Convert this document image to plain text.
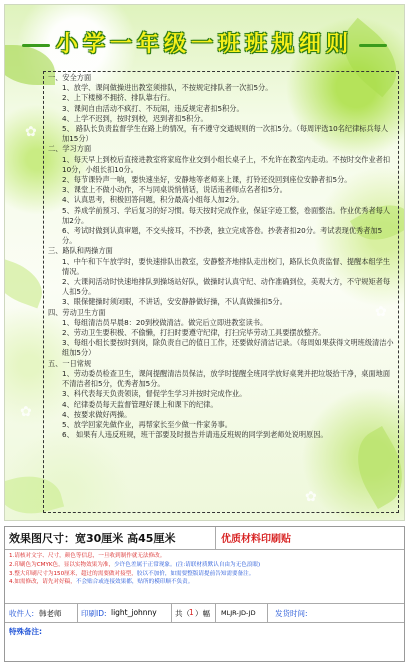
✿
✿
✿
✿
小学一年级一班班规细则

一、安全方面

1、放学、课间做操进出教室须排队，不按规定排队者一次扣5分。

2、上下楼梯不拥挤、排队靠右行。

3、课间自由活动不疯打、不玩闹，违反规定者扣5积分。

4、上学不迟到，按时到校，迟到者扣5积分。

5、 路队长负责监督学生在路上的情况，有不遵守交通规则的一次扣5分。（每周评选10名纪律标兵每人加15分）

二、学习方面

1、每天早上到校后直接进教室将家庭作业交到小组长桌子上，不允许在教室内走动。不按时交作业者扣10分，小组长扣10分。

2、每节课铃声一响，要快速坐好，安静地等老师来上课，打铃还没回到座位安静者扣5分。

3、课堂上不做小动作，不与同桌说悄悄话，说话违者师点名者扣5分。

4、认真思考，积极回答问题，积分最高小组每人加2分。

5、养成学前预习、学后复习的好习惯。每天按时完成作业，保证字迹工整，卷面整洁。作业优秀者每人加2分。

6、考试时做到认真审题，不交头接耳，不抄袭，独立完成答卷。抄袭者扣20分。考试表现优秀者加5分。

三、路队和两操方面

1、中午和下午放学时，要快速排队出教室，安静整齐地排队走出校门，路队长负责监督、提醒本组学生情况。

2、大课间活动时快速地排队到操场站好队，做操时认真守纪、动作准确到位，美观大方，不守规矩者每人扣5分。

3、眼保健操时须闭眼，不讲话，安安静静做好操，不认真做操扣5分。

四、劳动卫生方面

1、每组清洁员早晨8：20到校做清洁。做完后立即进教室读书。

2、劳动卫生要积极、不偷懒，打扫时要遵守纪律，打扫完毕劳动工具要摆放整齐。

3、每组小组长要按时到岗，除负责自己的值日工作，还要做好清洁记录。（每周如果获得文明班级清洁小组加5分）

五、一日常规

1、劳动委员检查卫生，课间提醒清洁员保洁，放学时提醒全班同学放好桌凳并把垃圾拾干净，桌面地面不清洁者扣5分，优秀者加5分。

3、科代表每天负责领读，督促学生学习并按时完成作业。

4、纪律委员每天监督管理好课上和课下的纪律。

4、按要求做好两操。

5、放学回家先做作业，再帮家长至少做一件家务事。

6、 如果有人违反班规，班干部要及时报告并请违反班规的同学到老师处说明原因。

效果图尺寸：宽30厘米 高45厘米	优质材料印刷贴
1.请核对文字、尺寸，颜色等信息，一旦收到制作就无法修改。
2.印刷色为CMYK色，显以实物效果为准，少许色差属于正常现象。(注:请联材质默认自由为无色浪眼)
3.整大印刷尺寸为150厘米，超过的需要做对接型，胶以不加价，如需要整版请提前告知需要备注。
4.如需修改，请先对好稿，不会贴合或连接效果都，贴所的模印顺不负责。
收件人: 韩老师	印刷ID: light_johnny 共（ 1 ）幅 MLJR-JD-JD	发货时间:
特殊备注:
